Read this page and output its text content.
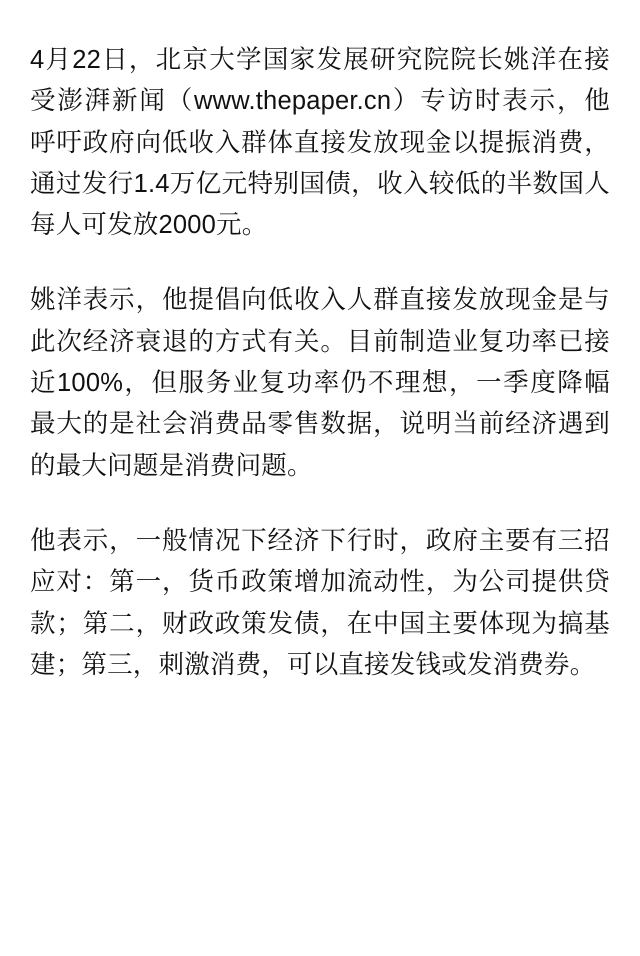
4月22日，北京大学国家发展研究院院长姚洋在接受澎湃新闻（www.thepaper.cn）专访时表示，他呼吁政府向低收入群体直接发放现金以提振消费，通过发行1.4万亿元特别国债，收入较低的半数国人每人可发放2000元。

姚洋表示，他提倡向低收入人群直接发放现金是与此次经济衰退的方式有关。目前制造业复功率已接近100%，但服务业复功率仍不理想，一季度降幅最大的是社会消费品零售数据，说明当前经济遇到的最大问题是消费问题。

他表示，一般情况下经济下行时，政府主要有三招应对：第一，货币政策增加流动性，为公司提供贷款；第二，财政政策发债，在中国主要体现为搞基建；第三，刺激消费，可以直接发钱或发消费券。
